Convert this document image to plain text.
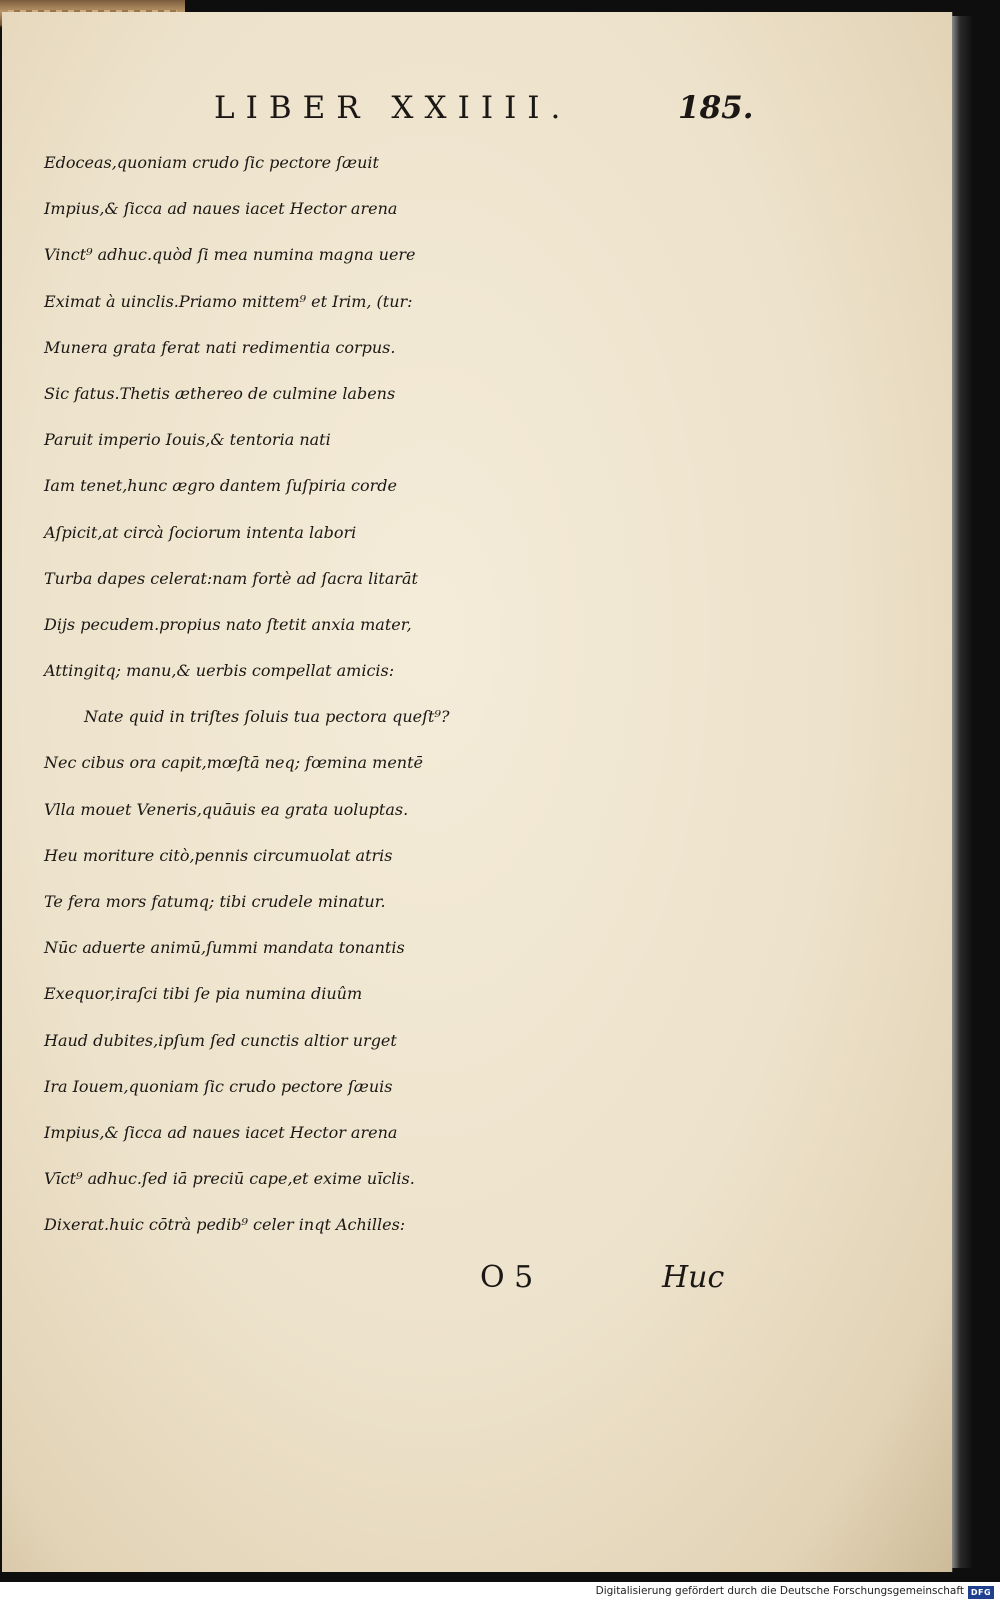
LIBER XXIIII.	185.
Edoceas,quoniam crudo ſic pectore ſæuit
Impius,& ſicca ad naues iacet Hector arena
Vinct⁹ adhuc.quòd ſi mea numina magna uere
Eximat à uinclis.Priamo mittem⁹ et Irim, (tur:
Munera grata ferat nati redimentia corpus.
Sic fatus.Thetis æthereo de culmine labens
Paruit imperio Iouis,& tentoria nati
Iam tenet,hunc ægro dantem ſuſpiria corde
Aſpicit,at circà ſociorum intenta labori
Turba dapes celerat:nam fortè ad ſacra litarāt
Dijs pecudem.propius nato ſtetit anxia mater,
Attingitq; manu,& uerbis compellat amicis:
Nate quid in triſtes ſoluis tua pectora queſt⁹?
Nec cibus ora capit,mœſtā neq; fœmina mentē
Vlla mouet Veneris,quāuis ea grata uoluptas.
Heu moriture citò,pennis circumuolat atris
Te fera mors fatumq; tibi crudele minatur.
Nūc aduerte animū,ſummi mandata tonantis
Exequor,iraſci tibi ſe pia numina diuûm
Haud dubites,ipſum ſed cunctis altior urget
Ira Iouem,quoniam ſic crudo pectore ſæuis
Impius,& ſicca ad naues iacet Hector arena
Vīct⁹ adhuc.ſed iā preciū cape,et exime uīclis.
Dixerat.huic cōtrà pedib⁹ celer inqt Achilles:
O 5	Huc
Digitalisierung gefördert durch die Deutsche Forschungsgemeinschaft DFG
